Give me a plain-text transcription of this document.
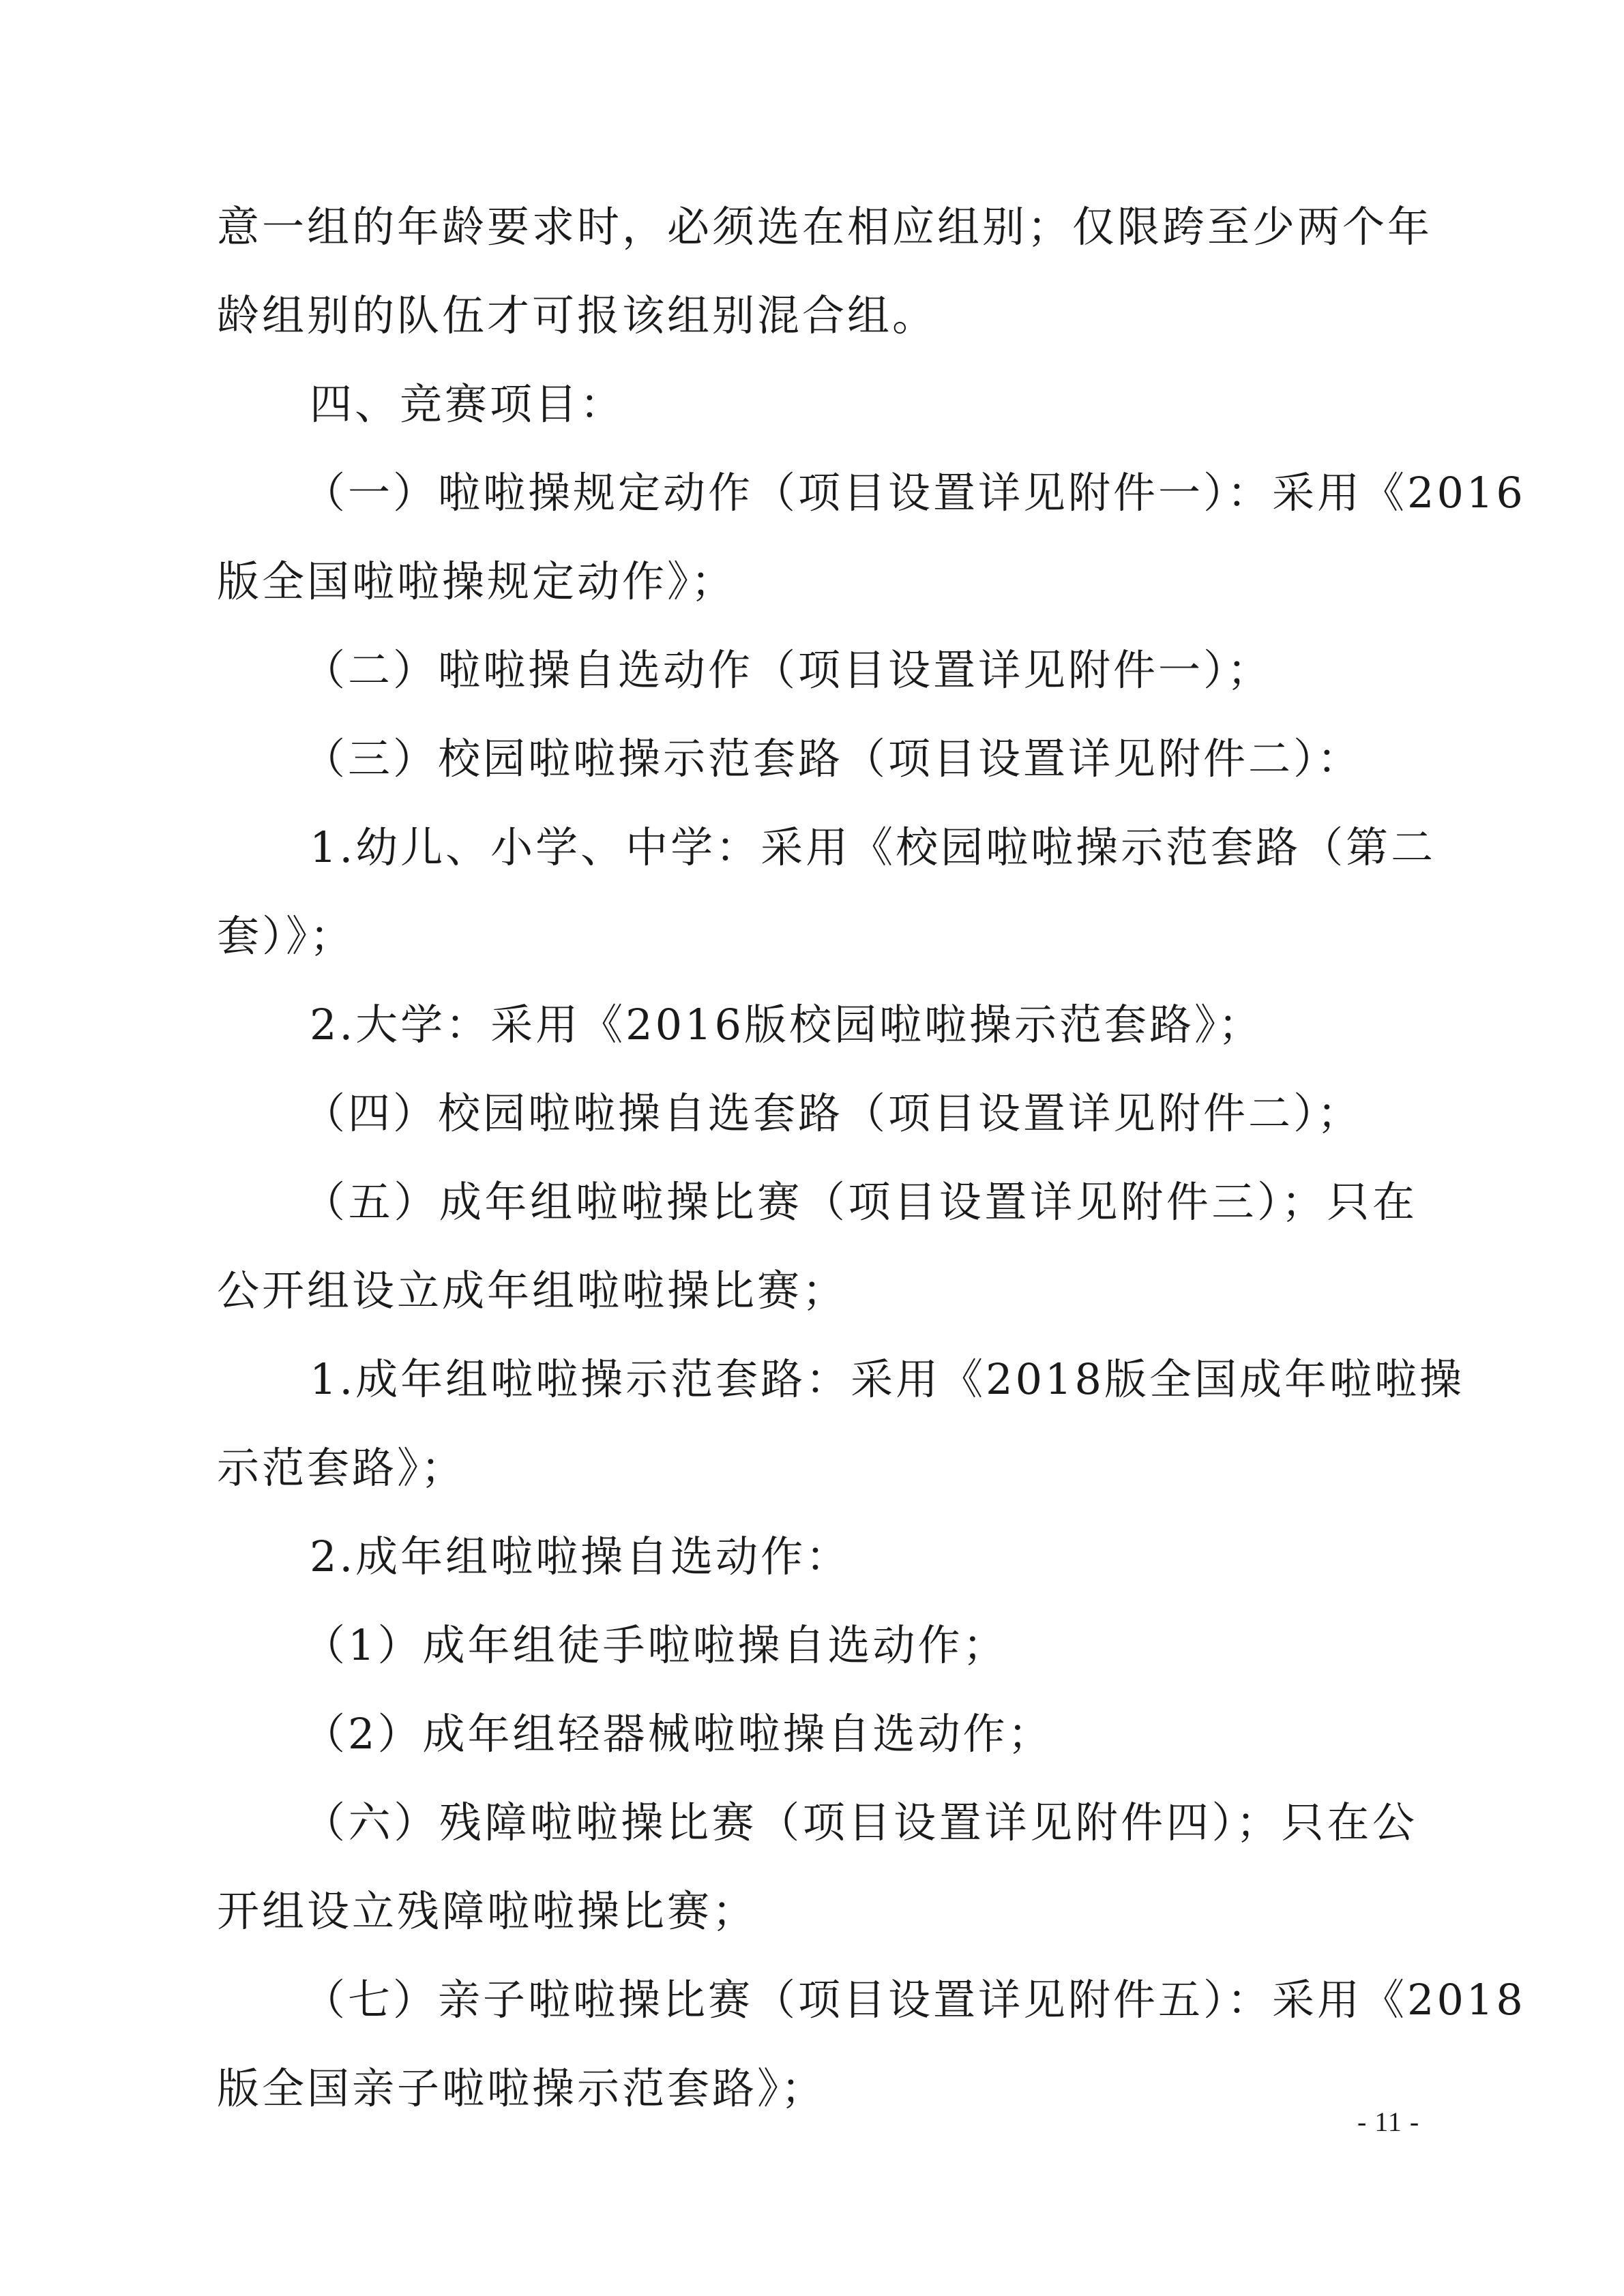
意一组的年龄要求时，必须选在相应组别；仅限跨至少两个年
龄组别的队伍才可报该组别混合组。
四、竞赛项目：
（一）啦啦操规定动作（项目设置详见附件一）：采用《2016
版全国啦啦操规定动作》；
（二）啦啦操自选动作（项目设置详见附件一）；
（三）校园啦啦操示范套路（项目设置详见附件二）：
1.幼儿、小学、中学：采用《校园啦啦操示范套路（第二
套）》；
2.大学：采用《2016版校园啦啦操示范套路》；
（四）校园啦啦操自选套路（项目设置详见附件二）；
（五）成年组啦啦操比赛（项目设置详见附件三）；只在
公开组设立成年组啦啦操比赛；
1.成年组啦啦操示范套路：采用《2018版全国成年啦啦操
示范套路》；
2.成年组啦啦操自选动作：
（1）成年组徒手啦啦操自选动作；
（2）成年组轻器械啦啦操自选动作；
（六）残障啦啦操比赛（项目设置详见附件四）；只在公
开组设立残障啦啦操比赛；
（七）亲子啦啦操比赛（项目设置详见附件五）：采用《2018
版全国亲子啦啦操示范套路》；
- 11 -
